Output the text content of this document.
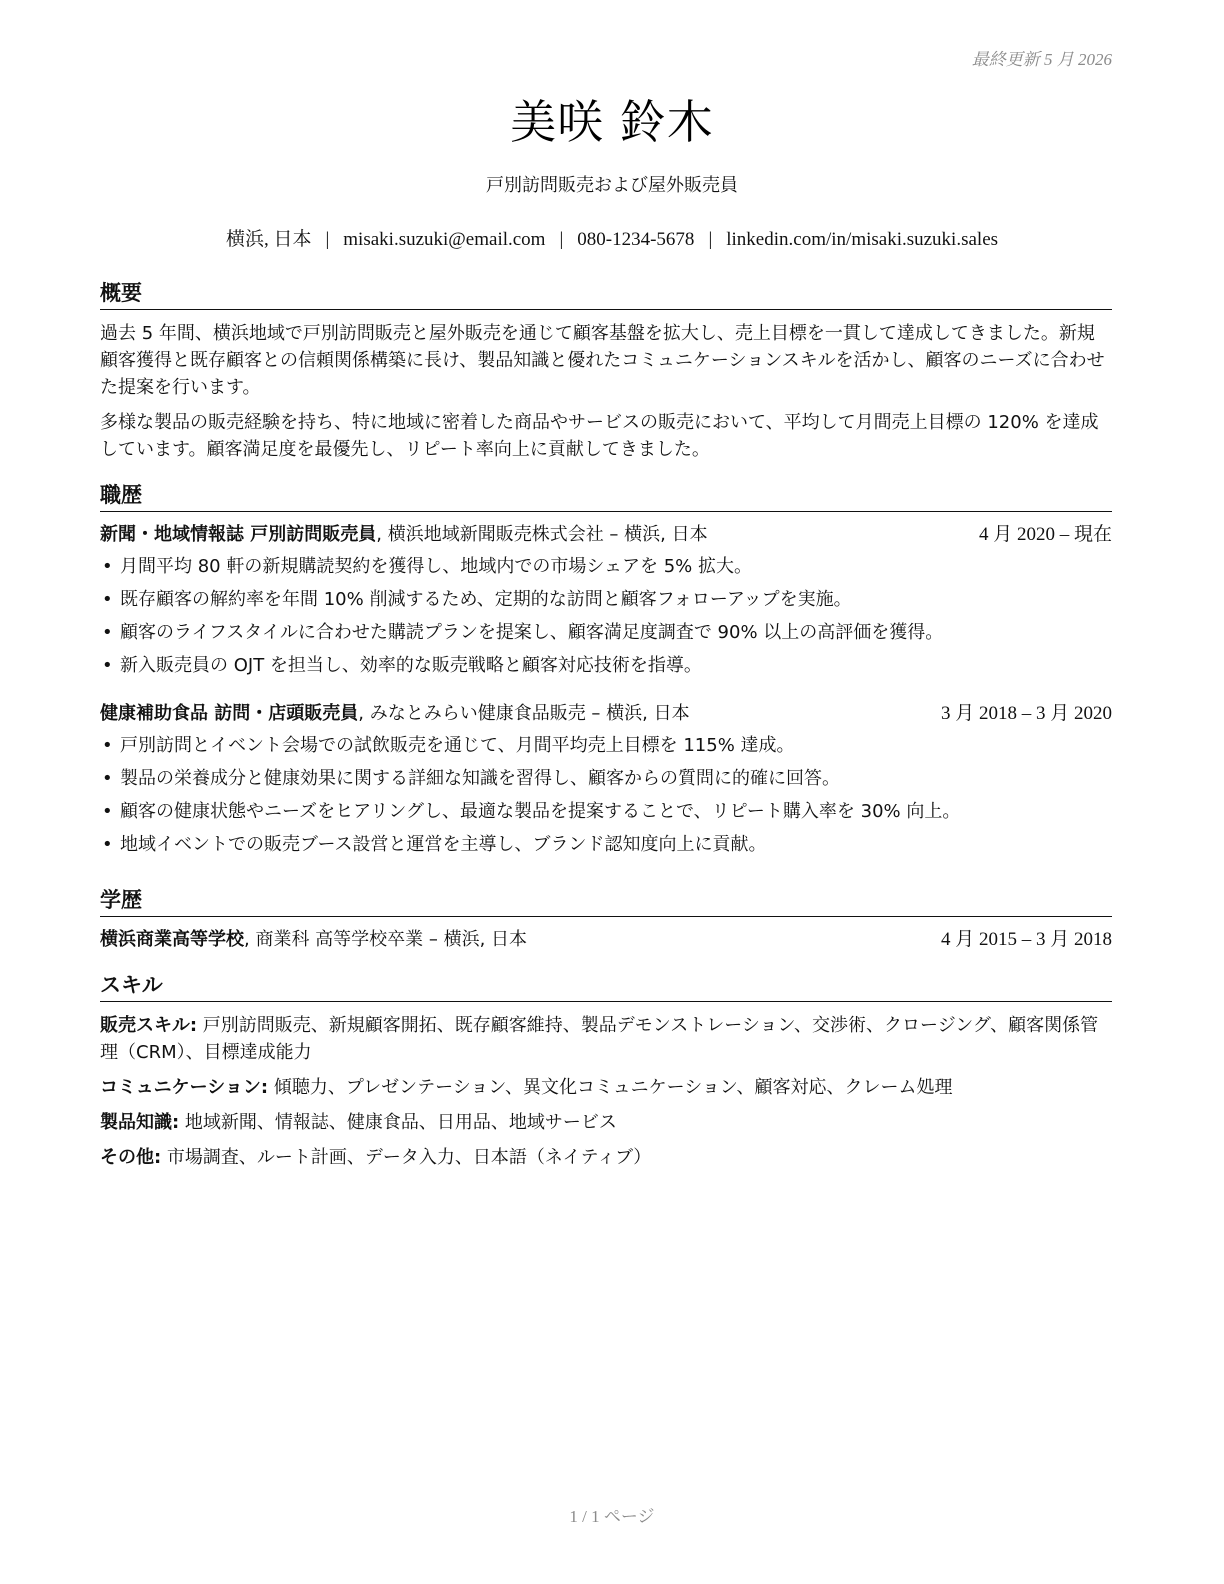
最終更新 5 月 2026
美咲 鈴木
戸別訪問販売および屋外販売員
横浜, 日本 | misaki.suzuki@email.com | 080-1234-5678 | linkedin.com/in/misaki.suzuki.sales
概要

過去 5 年間、横浜地域で戸別訪問販売と屋外販売を通じて顧客基盤を拡大し、売上目標を一貫して達成してきました。新規顧客獲得と既存顧客との信頼関係構築に長け、製品知識と優れたコミュニケーションスキルを活かし、顧客のニーズに合わせた提案を行います。

多様な製品の販売経験を持ち、特に地域に密着した商品やサービスの販売において、平均して月間売上目標の 120% を達成しています。顧客満足度を最優先し、リピート率向上に貢献してきました。

職歴
新聞・地域情報誌 戸別訪問販売員, 横浜地域新聞販売株式会社 – 横浜, 日本	4 月 2020 – 現在
• 月間平均 80 軒の新規購読契約を獲得し、地域内での市場シェアを 5% 拡大。
• 既存顧客の解約率を年間 10% 削減するため、定期的な訪問と顧客フォローアップを実施。
• 顧客のライフスタイルに合わせた購読プランを提案し、顧客満足度調査で 90% 以上の高評価を獲得。
• 新入販売員の OJT を担当し、効率的な販売戦略と顧客対応技術を指導。
健康補助食品 訪問・店頭販売員, みなとみらい健康食品販売 – 横浜, 日本	3 月 2018 – 3 月 2020
• 戸別訪問とイベント会場での試飲販売を通じて、月間平均売上目標を 115% 達成。
• 製品の栄養成分と健康効果に関する詳細な知識を習得し、顧客からの質問に的確に回答。
• 顧客の健康状態やニーズをヒアリングし、最適な製品を提案することで、リピート購入率を 30% 向上。
• 地域イベントでの販売ブース設営と運営を主導し、ブランド認知度向上に貢献。
学歴
横浜商業高等学校, 商業科 高等学校卒業 – 横浜, 日本	4 月 2015 – 3 月 2018
スキル

販売スキル: 戸別訪問販売、新規顧客開拓、既存顧客維持、製品デモンストレーション、交渉術、クロージング、顧客関係管理（CRM）、目標達成能力

コミュニケーション: 傾聴力、プレゼンテーション、異文化コミュニケーション、顧客対応、クレーム処理

製品知識: 地域新聞、情報誌、健康食品、日用品、地域サービス

その他: 市場調査、ルート計画、データ入力、日本語（ネイティブ）

1 / 1 ページ
